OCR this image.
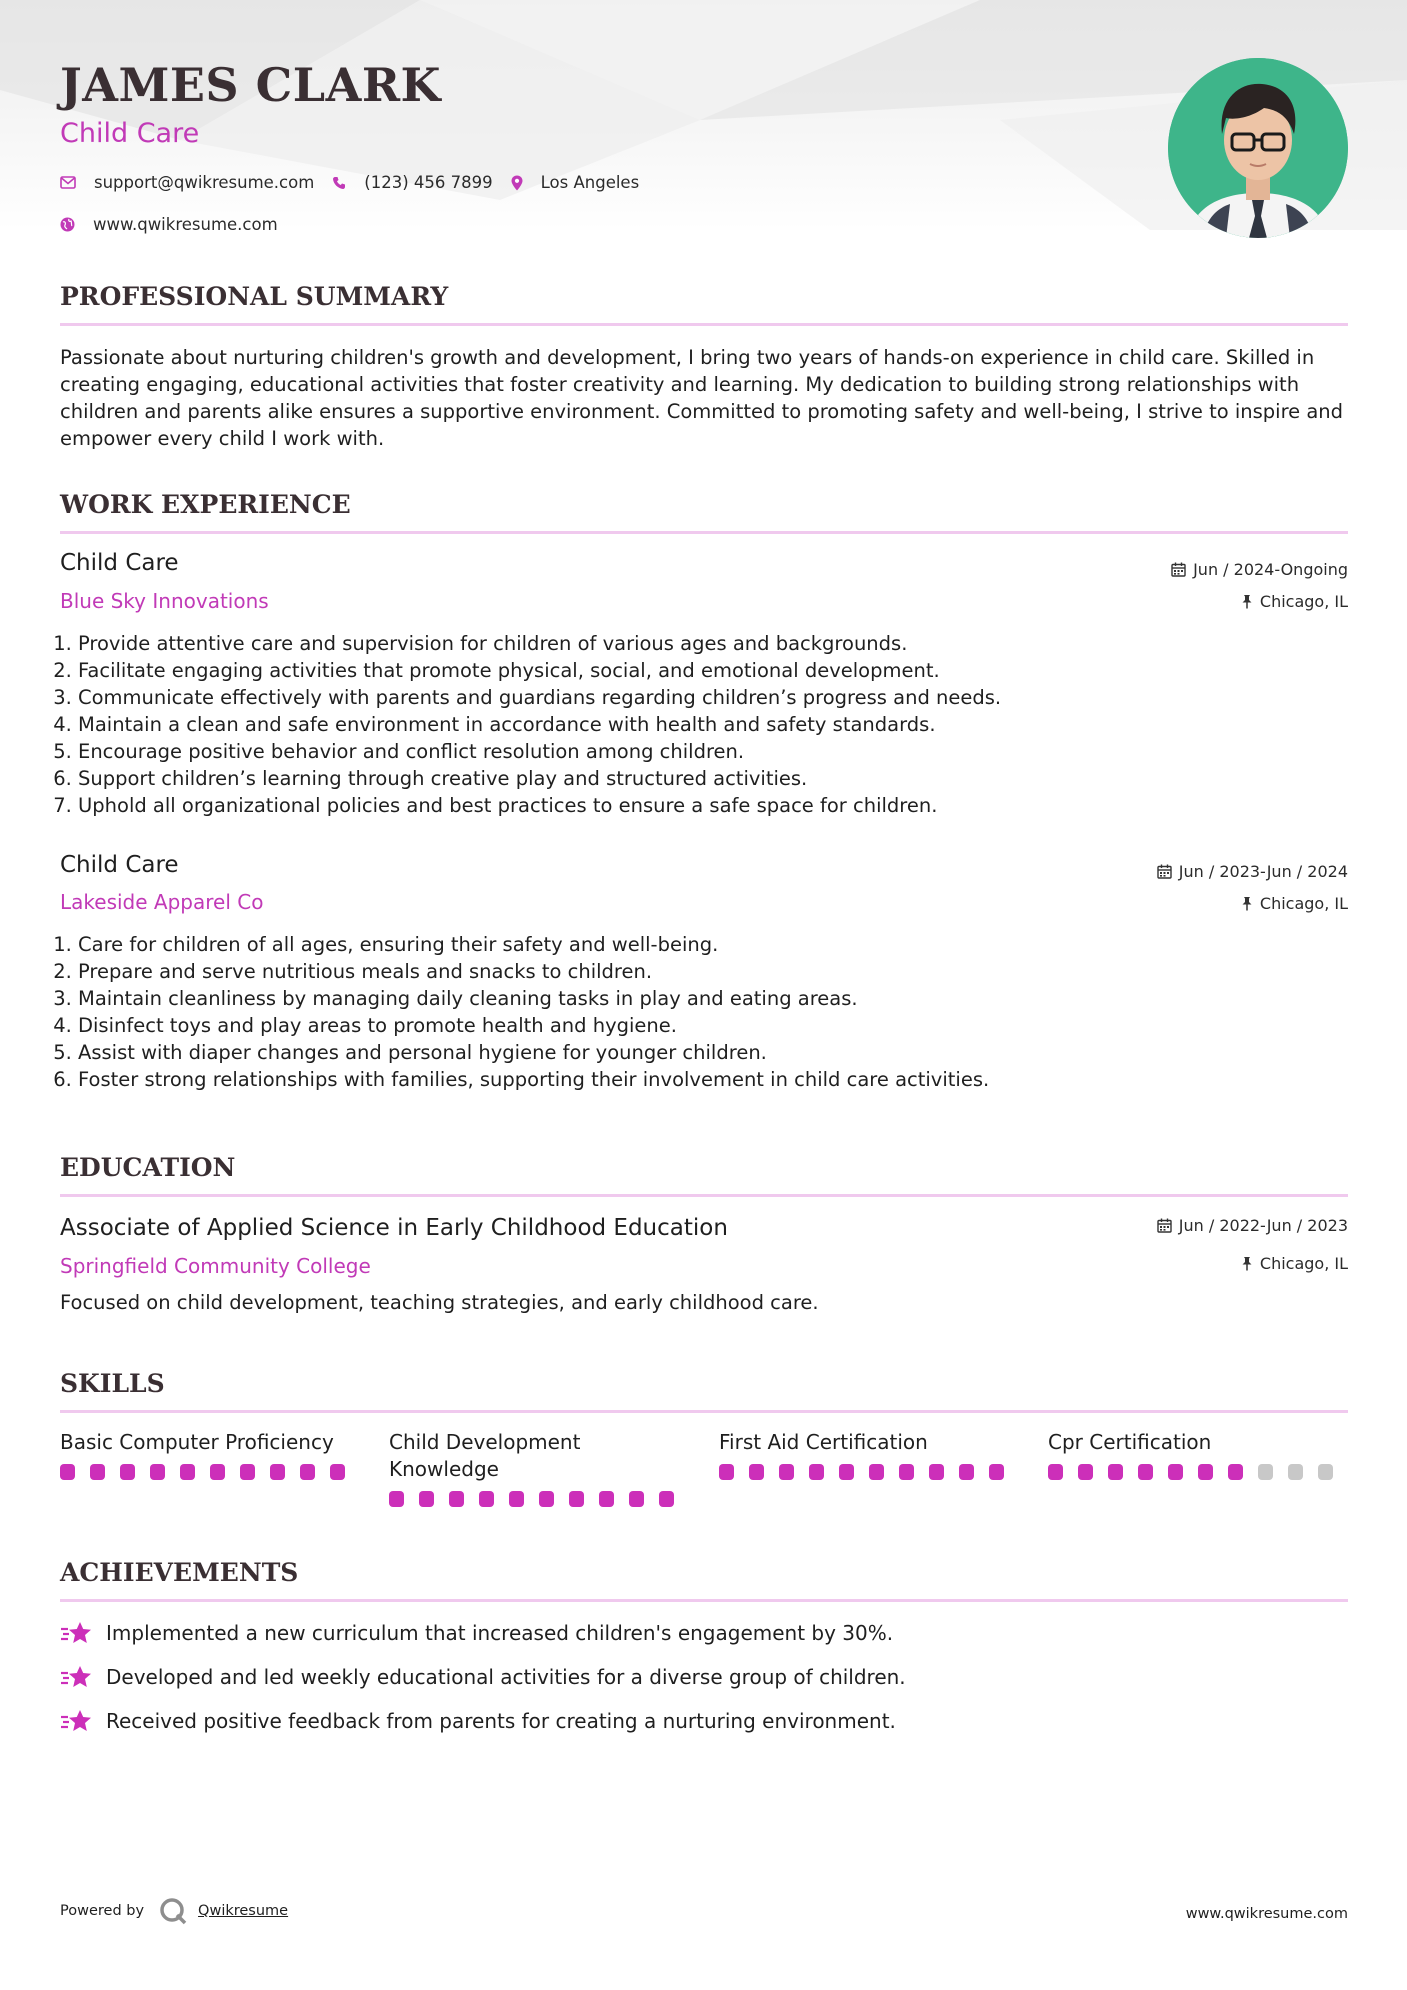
JAMES CLARK
Child Care
support@qwikresume.com	(123) 456 7899	Los Angeles
www.qwikresume.com
PROFESSIONAL SUMMARY

Passionate about nurturing children's growth and development, I bring two years of hands-on experience in child care. Skilled in creating engaging, educational activities that foster creativity and learning. My dedication to building strong relationships with children and parents alike ensures a supportive environment. Committed to promoting safety and well-being, I strive to inspire and empower every child I work with.

WORK EXPERIENCE
Child Care
Blue Sky Innovations
Jun / 2024-Ongoing
Chicago, IL
1. Provide attentive care and supervision for children of various ages and backgrounds.
2. Facilitate engaging activities that promote physical, social, and emotional development.
3. Communicate effectively with parents and guardians regarding children’s progress and needs.
4. Maintain a clean and safe environment in accordance with health and safety standards.
5. Encourage positive behavior and conflict resolution among children.
6. Support children’s learning through creative play and structured activities.
7. Uphold all organizational policies and best practices to ensure a safe space for children.
Child Care
Lakeside Apparel Co
Jun / 2023-Jun / 2024
Chicago, IL
1. Care for children of all ages, ensuring their safety and well-being.
2. Prepare and serve nutritious meals and snacks to children.
3. Maintain cleanliness by managing daily cleaning tasks in play and eating areas.
4. Disinfect toys and play areas to promote health and hygiene.
5. Assist with diaper changes and personal hygiene for younger children.
6. Foster strong relationships with families, supporting their involvement in child care activities.
EDUCATION
Associate of Applied Science in Early Childhood Education
Springfield Community College
Jun / 2022-Jun / 2023
Chicago, IL

Focused on child development, teaching strategies, and early childhood care.

SKILLS
Basic Computer Proficiency	Child Development Knowledge
First Aid Certification	Cpr Certification
ACHIEVEMENTS
Implemented a new curriculum that increased children's engagement by 30%.
Developed and led weekly educational activities for a diverse group of children.
Received positive feedback from parents for creating a nurturing environment.
Powered by	Qwikresume	www.qwikresume.com
